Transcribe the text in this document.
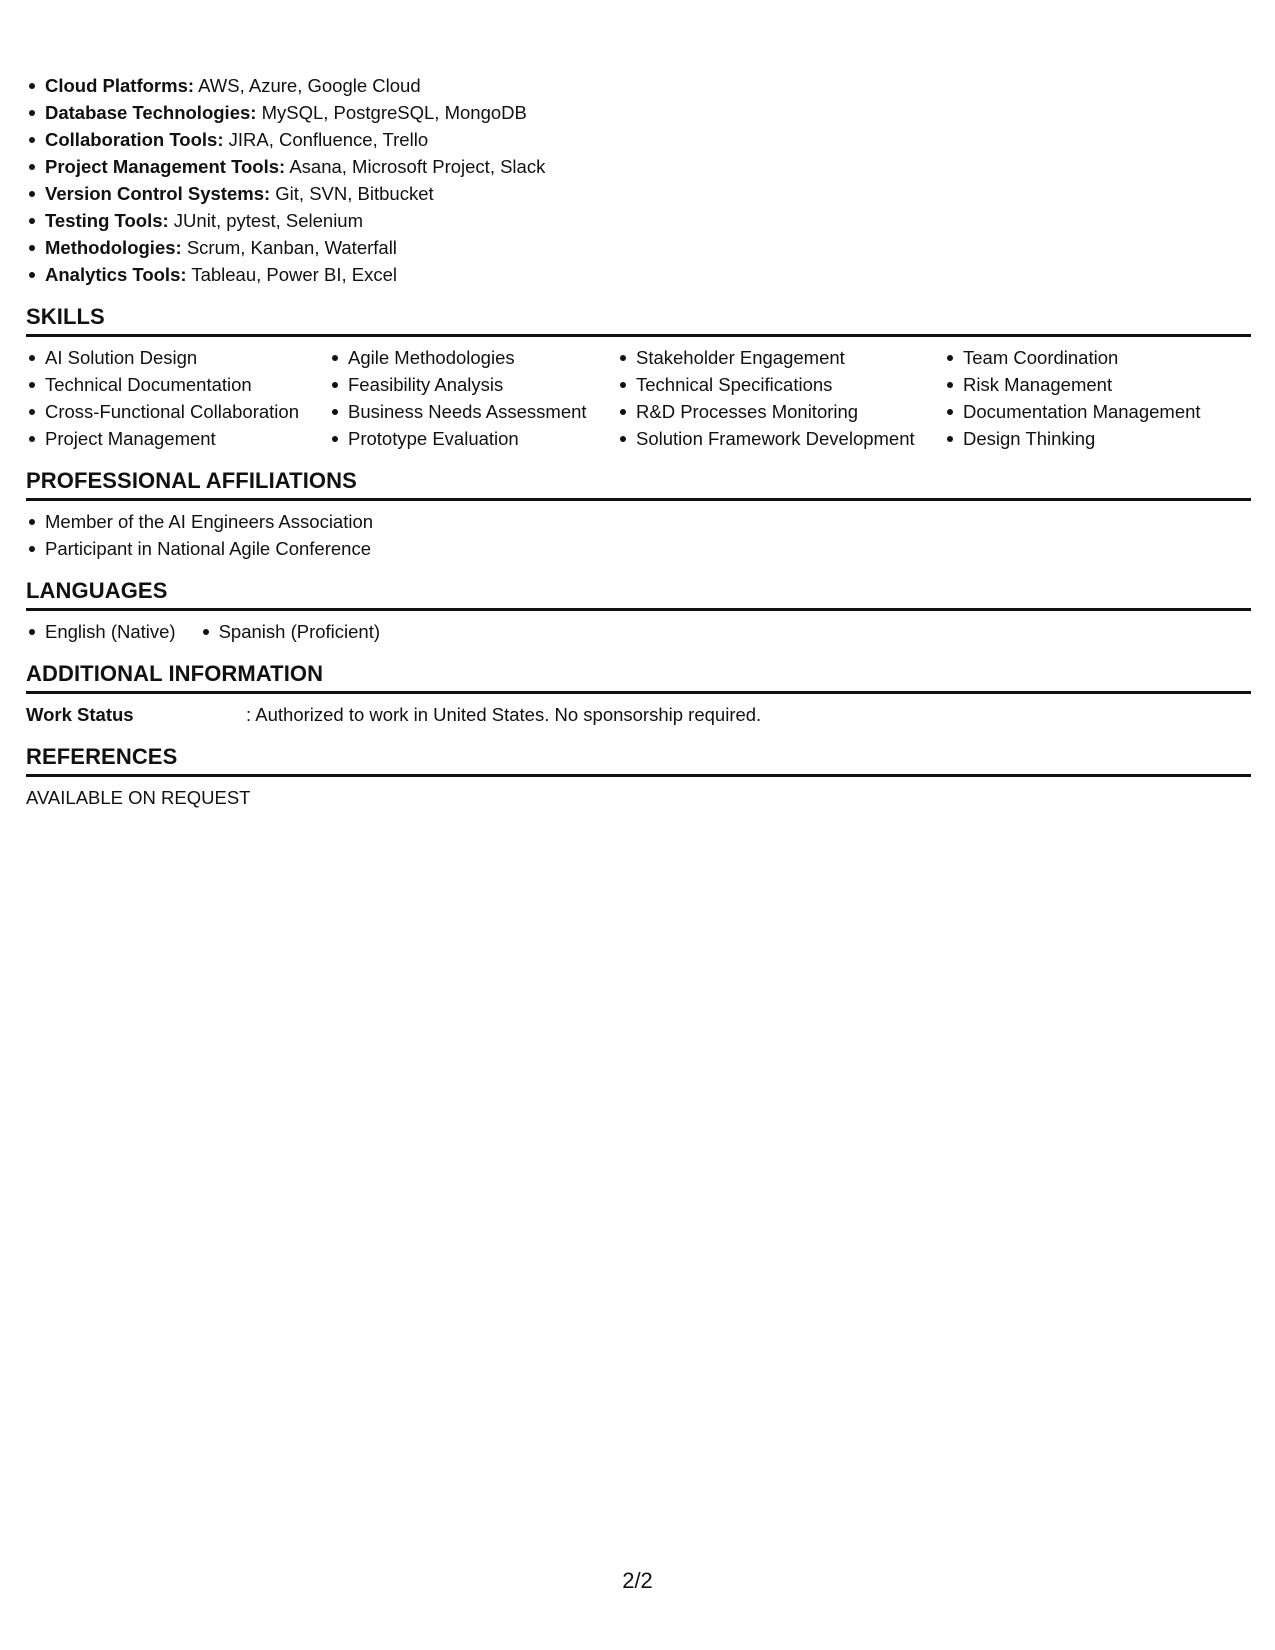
Cloud Platforms: AWS, Azure, Google Cloud
Database Technologies: MySQL, PostgreSQL, MongoDB
Collaboration Tools: JIRA, Confluence, Trello
Project Management Tools: Asana, Microsoft Project, Slack
Version Control Systems: Git, SVN, Bitbucket
Testing Tools: JUnit, pytest, Selenium
Methodologies: Scrum, Kanban, Waterfall
Analytics Tools: Tableau, Power BI, Excel
SKILLS
AI Solution Design
Technical Documentation
Cross-Functional Collaboration
Project Management
Agile Methodologies
Feasibility Analysis
Business Needs Assessment
Prototype Evaluation
Stakeholder Engagement
Technical Specifications
R&D Processes Monitoring
Solution Framework Development
Team Coordination
Risk Management
Documentation Management
Design Thinking
PROFESSIONAL AFFILIATIONS
Member of the AI Engineers Association
Participant in National Agile Conference
LANGUAGES
English (Native)	Spanish (Proficient)
ADDITIONAL INFORMATION
Work Status	: Authorized to work in United States. No sponsorship required.
REFERENCES
AVAILABLE ON REQUEST
2/2
